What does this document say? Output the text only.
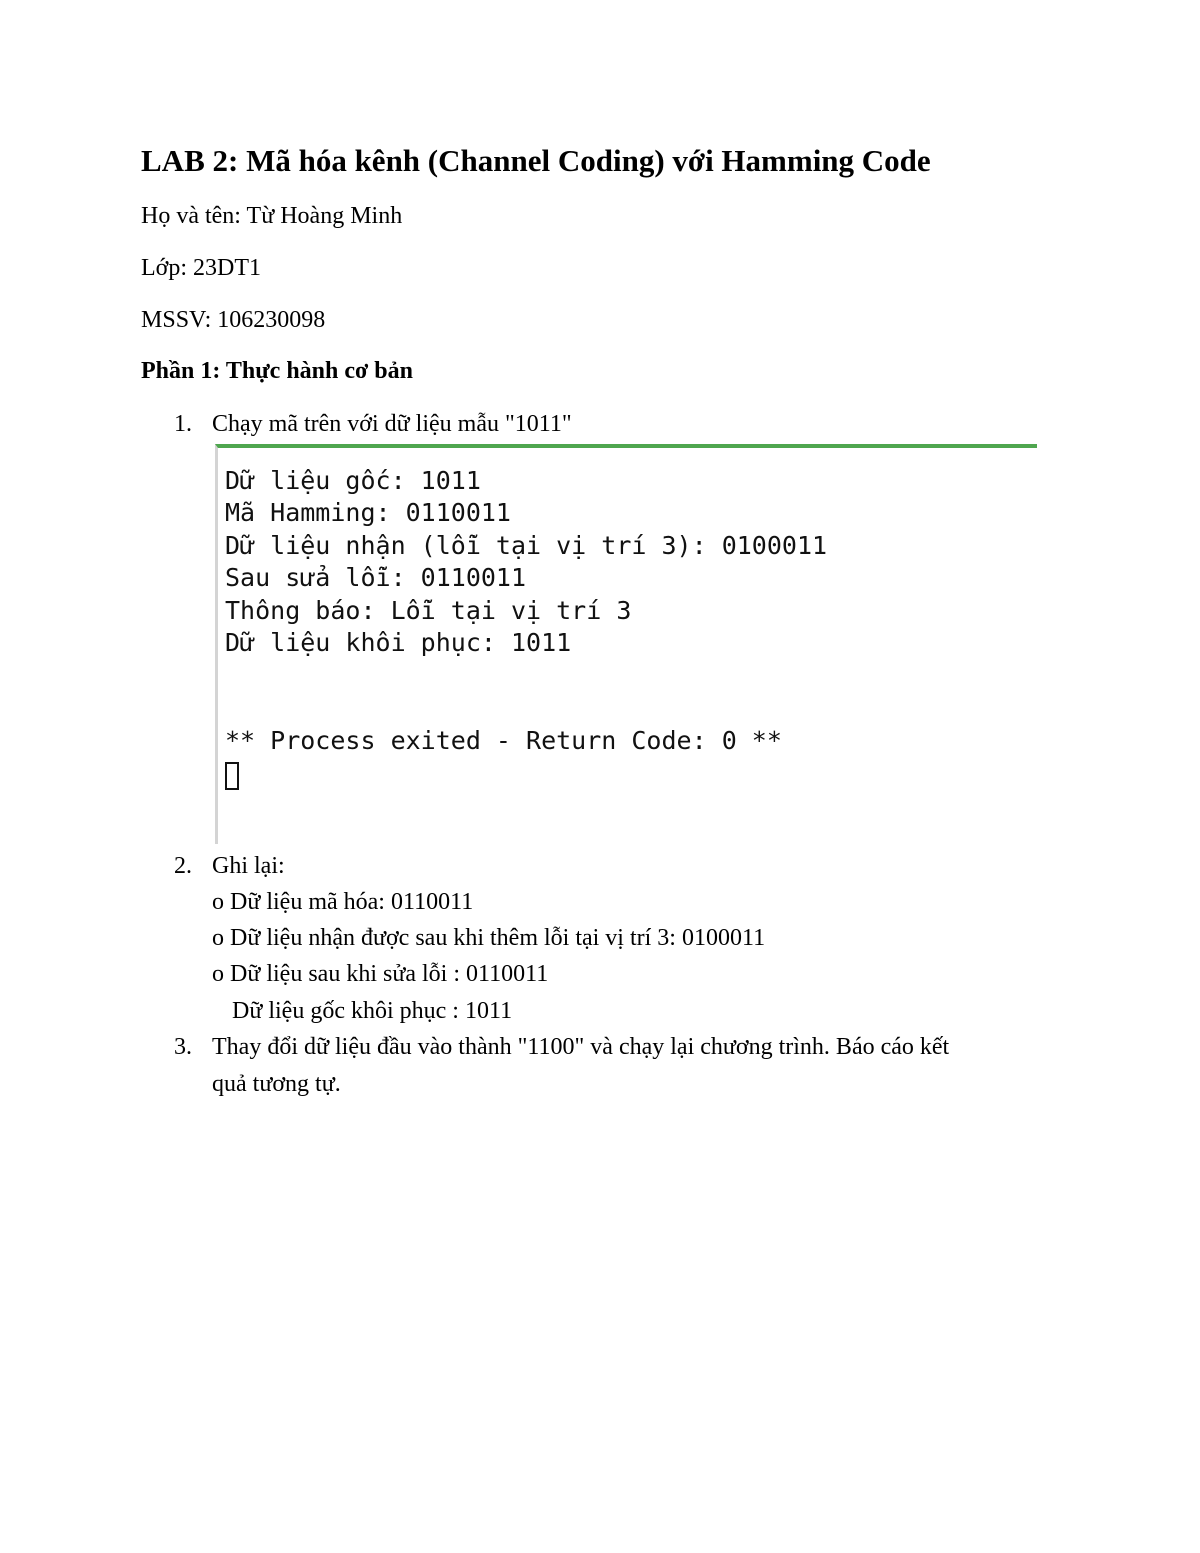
LAB 2: Mã hóa kênh (Channel Coding) với Hamming Code

Họ và tên: Từ Hoàng Minh

Lớp: 23DT1

MSSV: 106230098

Phần 1: Thực hành cơ bản
1. Chạy mã trên với dữ liệu mẫu "1011"
Dữ liệu gốc: 1011
Mã Hamming: 0110011
Dữ liệu nhận (lỗi tại vị trí 3): 0100011
Sau sửa lỗi: 0110011
Thông báo: Lỗi tại vị trí 3
Dữ liệu khôi phục: 1011
** Process exited - Return Code: 0 **
2. Ghi lại:
o Dữ liệu mã hóa: 0110011
o Dữ liệu nhận được sau khi thêm lỗi tại vị trí 3: 0100011
o Dữ liệu sau khi sửa lỗi : 0110011
Dữ liệu gốc khôi phục : 1011
3. Thay đổi dữ liệu đầu vào thành "1100" và chạy lại chương trình. Báo cáo kết
quả tương tự.
